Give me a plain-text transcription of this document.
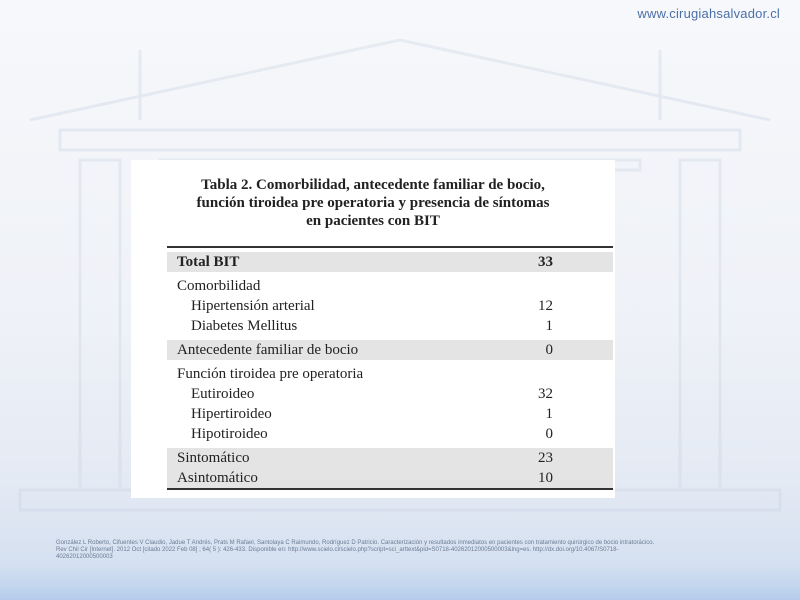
www.cirugiahsalvador.cl
Tabla 2. Comorbilidad, antecedente familiar de bocio,
función tiroidea pre operatoria y presencia de síntomas
en pacientes con BIT
Total BIT	33
Comorbilidad
Hipertensión arterial	12
Diabetes Mellitus	1
Antecedente familiar de bocio	0
Función tiroidea pre operatoria
Eutiroideo	32
Hipertiroideo	1
Hipotiroideo	0
Sintomático	23
Asintomático	10
González L Roberto, Cifuentes V Claudio, Jadue T Andrés, Prats M Rafael, Santolaya C Raimundo, Rodríguez D Patricio. Caracterización y resultados inmediatos en pacientes con tratamiento quirúrgico de bocio intratorácico.
Rev Chil Cir [Internet]. 2012 Oct [citado 2022 Feb 08] ; 64( 5 ): 426-433. Disponible en: http://www.scielo.cl/scielo.php?script=sci_arttext&pid=S0718-40262012000500003&lng=es. http://dx.doi.org/10.4067/S0718-
40262012000500003
